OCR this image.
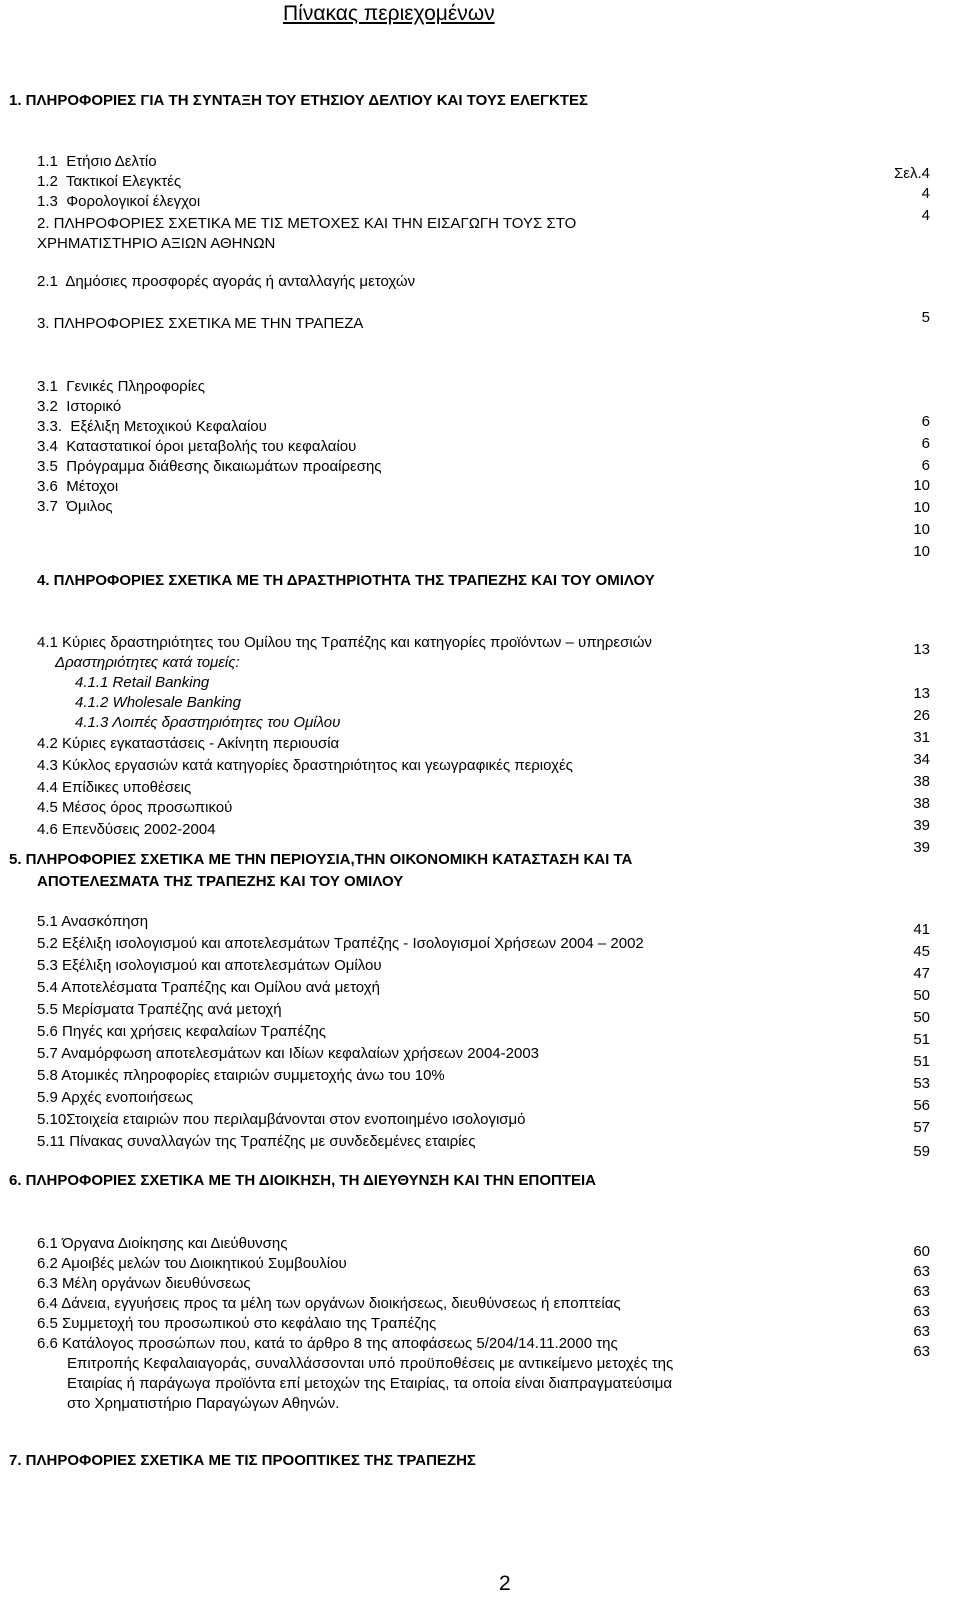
Πίνακας περιεχομένων
1. ΠΛΗΡΟΦΟΡΙΕΣ ΓΙΑ ΤΗ ΣΥΝΤΑΞΗ ΤΟΥ ΕΤΗΣΙΟΥ ΔΕΛΤΙΟΥ ΚΑΙ ΤΟΥΣ ΕΛΕΓΚΤΕΣ
1.1 Ετήσιο Δελτίο
1.2 Τακτικοί Ελεγκτές
1.3 Φορολογικοί έλεγχοι
Σελ.4
4
4
2. ΠΛΗΡΟΦΟΡΙΕΣ ΣΧΕΤΙΚΑ ΜΕ ΤΙΣ ΜΕΤΟΧΕΣ ΚΑΙ ΤΗΝ ΕΙΣΑΓΩΓΗ ΤΟΥΣ ΣΤΟ
ΧΡΗΜΑΤΙΣΤΗΡΙΟ ΑΞΙΩΝ ΑΘΗΝΩΝ
2.1 Δημόσιες προσφορές αγοράς ή ανταλλαγής μετοχών
5
3. ΠΛΗΡΟΦΟΡΙΕΣ ΣΧΕΤΙΚΑ ΜΕ ΤΗΝ ΤΡΑΠΕΖΑ
3.1 Γενικές Πληροφορίες
3.2 Ιστορικό
3.3. Εξέλιξη Μετοχικού Κεφαλαίου
3.4 Καταστατικοί όροι μεταβολής του κεφαλαίου
3.5 Πρόγραμμα διάθεσης δικαιωμάτων προαίρεσης
3.6 Μέτοχοι
3.7 Όμιλος
6
6
6
10
10
10
10
4. ΠΛΗΡΟΦΟΡΙΕΣ ΣΧΕΤΙΚΑ ΜΕ ΤΗ ΔΡΑΣΤΗΡΙΟΤΗΤΑ ΤΗΣ ΤΡΑΠΕΖΗΣ ΚΑΙ ΤΟΥ ΟΜΙΛΟΥ
4.1 Κύριες δραστηριότητες του Ομίλου της Τραπέζης και κατηγορίες προϊόντων – υπηρεσιών
Δραστηριότητες κατά τομείς:
4.1.1 Retail Banking
4.1.2 Wholesale Banking
4.1.3 Λοιπές δραστηριότητες του Ομίλου
4.2 Κύριες εγκαταστάσεις - Ακίνητη περιουσία
4.3 Κύκλος εργασιών κατά κατηγορίες δραστηριότητος και γεωγραφικές περιοχές
4.4 Επίδικες υποθέσεις
4.5 Μέσος όρος προσωπικού
4.6 Επενδύσεις 2002-2004
13
13
26
31
34
38
38
39
39
5. ΠΛΗΡΟΦΟΡΙΕΣ ΣΧΕΤΙΚΑ ΜΕ ΤΗΝ ΠΕΡΙΟΥΣΙΑ,ΤΗΝ ΟΙΚΟΝΟΜΙΚΗ ΚΑΤΑΣΤΑΣΗ ΚΑΙ ΤΑ
ΑΠΟΤΕΛΕΣΜΑΤΑ ΤΗΣ ΤΡΑΠΕΖΗΣ ΚΑΙ ΤΟΥ ΟΜΙΛΟΥ
5.1 Ανασκόπηση
5.2 Εξέλιξη ισολογισμού και αποτελεσμάτων Τραπέζης - Ισολογισμοί Χρήσεων 2004 – 2002
5.3 Εξέλιξη ισολογισμού και αποτελεσμάτων Ομίλου
5.4 Αποτελέσματα Τραπέζης και Ομίλου ανά μετοχή
5.5 Μερίσματα Τραπέζης ανά μετοχή
5.6 Πηγές και χρήσεις κεφαλαίων Τραπέζης
5.7 Αναμόρφωση αποτελεσμάτων και Ιδίων κεφαλαίων χρήσεων 2004-2003
5.8 Ατομικές πληροφορίες εταιριών συμμετοχής άνω του 10%
5.9 Αρχές ενοποιήσεως
5.10Στοιχεία εταιριών που περιλαμβάνονται στον ενοποιημένο ισολογισμό
5.11 Πίνακας συναλλαγών της Τραπέζης με συνδεδεμένες εταιρίες
41
45
47
50
50
51
51
53
56
57
59
6. ΠΛΗΡΟΦΟΡΙΕΣ ΣΧΕΤΙΚΑ ΜΕ ΤΗ ΔΙΟΙΚΗΣΗ, ΤΗ ΔΙΕΥΘΥΝΣΗ ΚΑΙ ΤΗΝ ΕΠΟΠΤΕΙΑ
6.1 Όργανα Διοίκησης και Διεύθυνσης
6.2 Αμοιβές μελών του Διοικητικού Συμβουλίου
6.3 Μέλη οργάνων διευθύνσεως
6.4 Δάνεια, εγγυήσεις προς τα μέλη των οργάνων διοικήσεως, διευθύνσεως ή εποπτείας
6.5 Συμμετοχή του προσωπικού στο κεφάλαιο της Τραπέζης
6.6 Κατάλογος προσώπων που, κατά το άρθρο 8 της αποφάσεως 5/204/14.11.2000 της
Επιτροπής Κεφαλαιαγοράς, συναλλάσσονται υπό προϋποθέσεις με αντικείμενο μετοχές της
Εταιρίας ή παράγωγα προϊόντα επί μετοχών της Εταιρίας, τα οποία είναι διαπραγματεύσιμα
στο Χρηματιστήριο Παραγώγων Αθηνών.
60
63
63
63
63
63
7. ΠΛΗΡΟΦΟΡΙΕΣ ΣΧΕΤΙΚΑ ΜΕ ΤΙΣ ΠΡΟΟΠΤΙΚΕΣ ΤΗΣ ΤΡΑΠΕΖΗΣ
2
